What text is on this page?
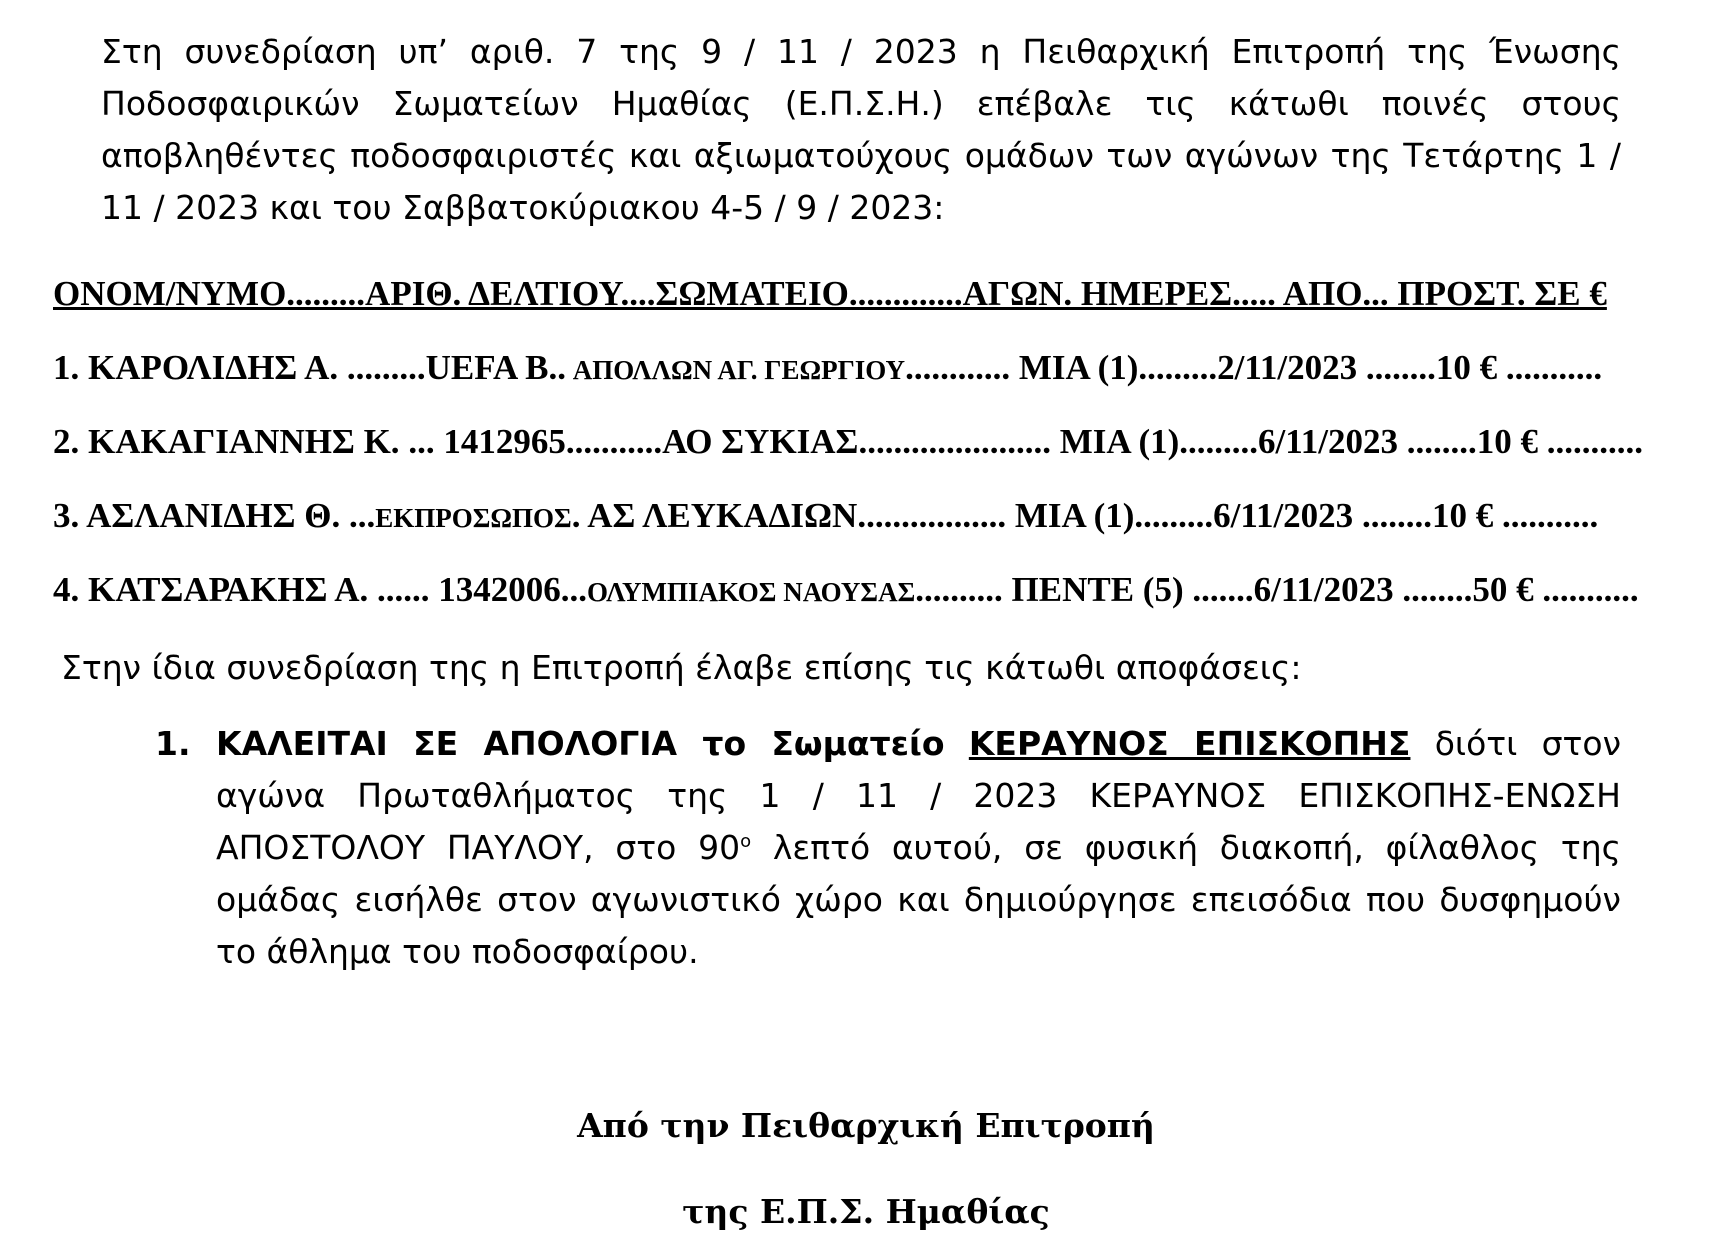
Στη συνεδρίαση υπ’ αριθ. 7 της 9 / 11 / 2023 η Πειθαρχική Επιτροπή της Ένωσης Ποδοσφαιρικών Σωματείων Ημαθίας (Ε.Π.Σ.Η.) επέβαλε τις κάτωθι ποινές στους αποβληθέντες ποδοσφαιριστές και αξιωματούχους ομάδων των αγώνων της Τετάρτης 1 / 11 / 2023 και του Σαββατοκύριακου 4-5 / 9 / 2023:

ΟΝΟΜ/ΝΥΜΟ.........ΑΡΙΘ. ΔΕΛΤΙΟΥ....ΣΩΜΑΤΕΙΟ.............ΑΓΩΝ. ΗΜΕΡΕΣ..... ΑΠΟ... ΠΡΟΣΤ. ΣΕ €

1. ΚΑΡΟΛΙΔΗΣ Α. .........UEFA B.. ΑΠΟΛΛΩΝ ΑΓ. ΓΕΩΡΓΙΟΥ............ ΜΙΑ (1).........2/11/2023 ........10 € ...........
2. ΚΑΚΑΓΙΑΝΝΗΣ Κ. ... 1412965...........ΑΟ ΣΥΚΙΑΣ...................... ΜΙΑ (1).........6/11/2023 ........10 € ...........
3. ΑΣΛΑΝΙΔΗΣ Θ. ...ΕΚΠΡΟΣΩΠΟΣ. ΑΣ ΛΕΥΚΑΔΙΩΝ................. ΜΙΑ (1).........6/11/2023 ........10 € ...........
4. ΚΑΤΣΑΡΑΚΗΣ Α. ...... 1342006...ΟΛΥΜΠΙΑΚΟΣ ΝΑΟΥΣΑΣ.......... ΠΕΝΤΕ (5) .......6/11/2023 ........50 € ...........

Στην ίδια συνεδρίαση της η Επιτροπή έλαβε επίσης τις κάτωθι αποφάσεις:

1. ΚΑΛΕΙΤΑΙ ΣΕ ΑΠΟΛΟΓΙΑ το Σωματείο ΚΕΡΑΥΝΟΣ ΕΠΙΣΚΟΠΗΣ διότι στον αγώνα Πρωταθλήματος της 1 / 11 / 2023 ΚΕΡΑΥΝΟΣ ΕΠΙΣΚΟΠΗΣ-ΕΝΩΣΗ ΑΠΟΣΤΟΛΟΥ ΠΑΥΛΟΥ, στο $90^o$ λεπτό αυτού, σε φυσική διακοπή, φίλαθλος της ομάδας εισήλθε στον αγωνιστικό χώρο και δημιούργησε επεισόδια που δυσφημούν το άθλημα του ποδοσφαίρου.

Από την Πειθαρχική Επιτροπή

της Ε.Π.Σ. Ημαθίας
